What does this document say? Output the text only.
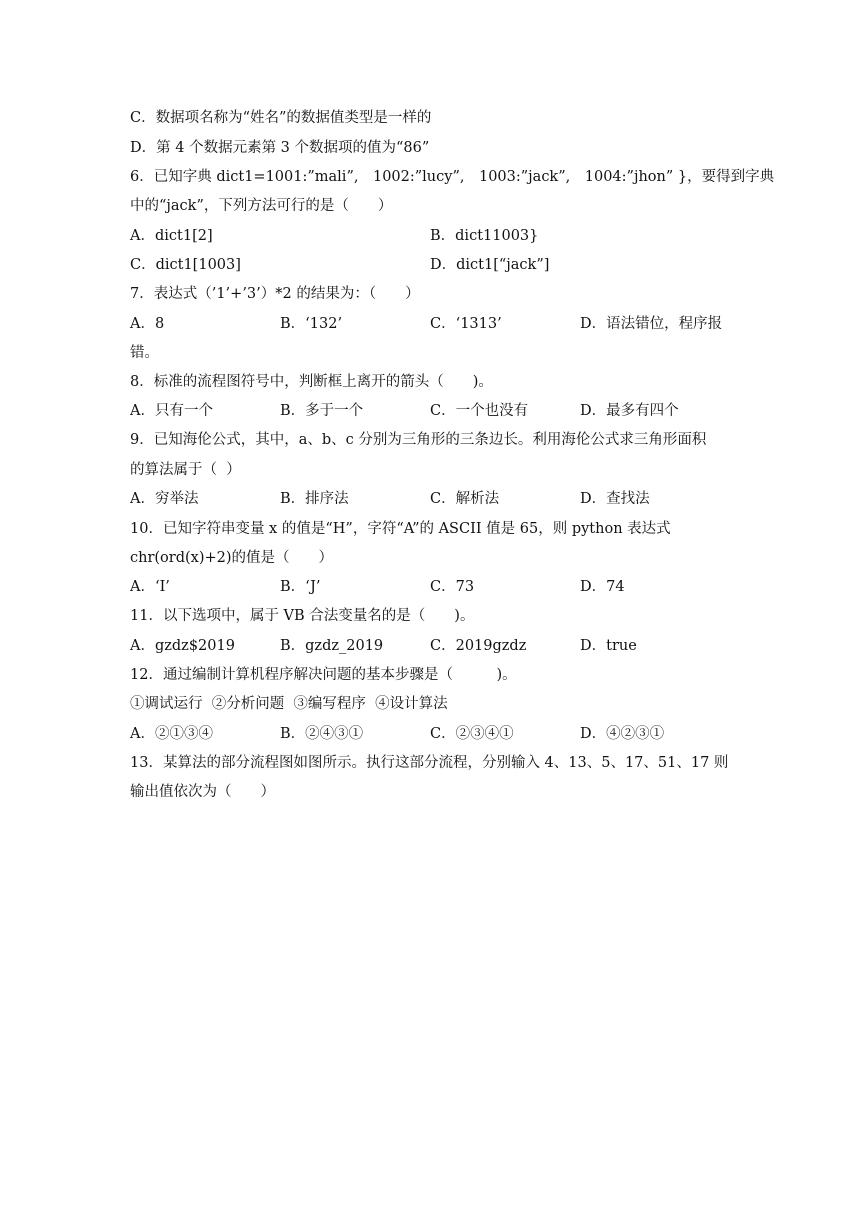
C．数据项名称为“姓名”的数据值类型是一样的
D．第 4 个数据元素第 3 个数据项的值为“86”
6．已知字典 dict1=1001:”mali”,　1002:”lucy”,　1003:”jack”,　1004:”jhon” }，要得到字典
中的“jack”，下列方法可行的是（　　）
A．dict1[2]	B．dict11003}
C．dict1[1003]	D．dict1[“jack”]
7．表达式（’1’+’3’）*2 的结果为：（　　）
A．8	B．‘132’	C．‘1313’	D．语法错位，程序报
错。
8．标准的流程图符号中，判断框上离开的箭头（　　)。
A．只有一个	B．多于一个	C．一个也没有	D．最多有四个
9．已知海伦公式，其中，a、b、c 分别为三角形的三条边长。利用海伦公式求三角形面积
的算法属于（  ）
A．穷举法	B．排序法	C．解析法	D．查找法
10．已知字符串变量 x 的值是“H”，字符“A”的 ASCII 值是 65，则 python 表达式
chr(ord(x)+2)的值是（　　）
A．‘I’	B．‘J’	C．73	D．74
11．以下选项中，属于 VB 合法变量名的是（　　)。
A．gzdz$2019	B．gzdz_2019	C．2019gzdz	D．true
12．通过编制计算机程序解决问题的基本步骤是（　　　)。
①调试运行  ②分析问题  ③编写程序  ④设计算法
A．②①③④	B．②④③①	C．②③④①	D．④②③①
13．某算法的部分流程图如图所示。执行这部分流程，分别输入 4、13、5、17、51、17 则
输出值依次为（　　）
